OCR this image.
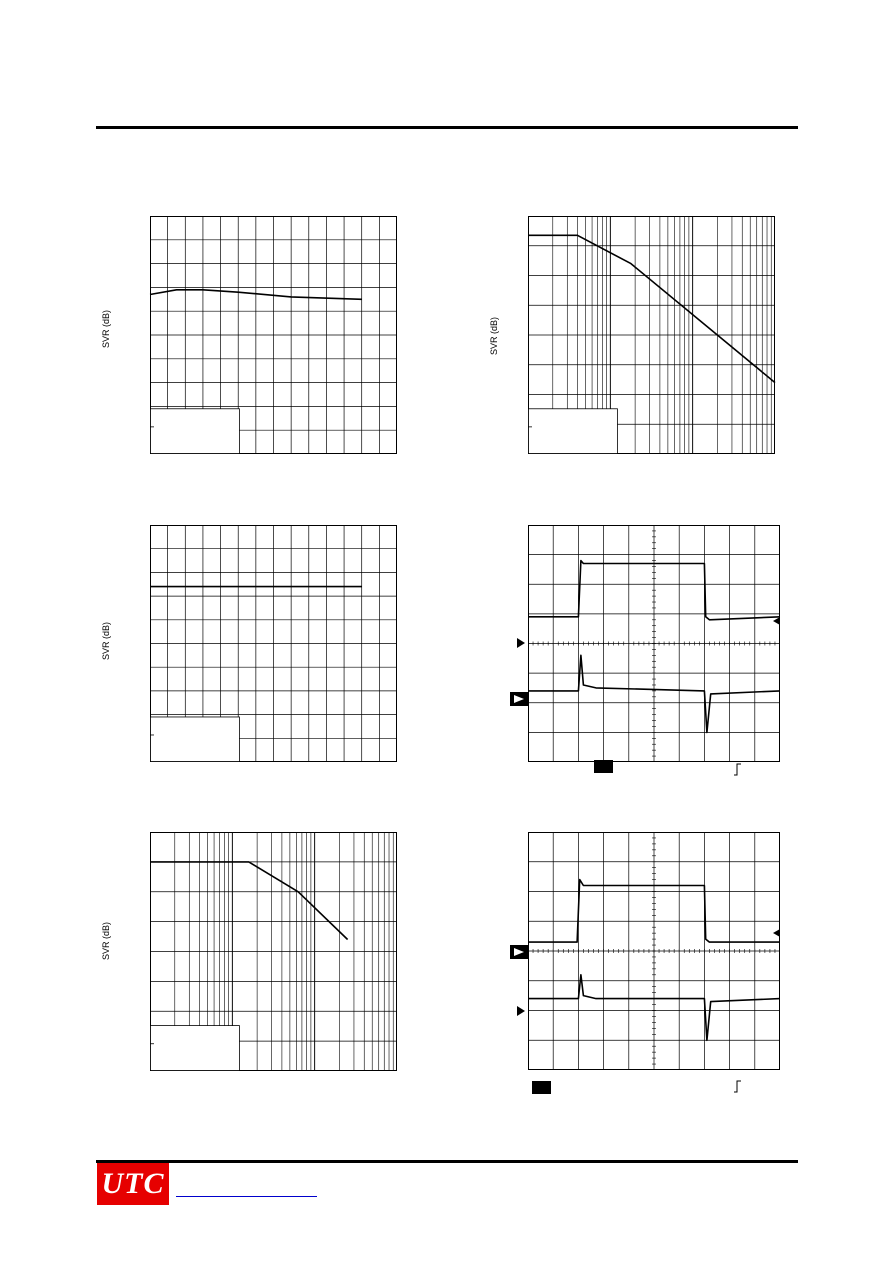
SVR (dB)	SVR (dB)
SVR (dB)
SVR (dB)
UTC
